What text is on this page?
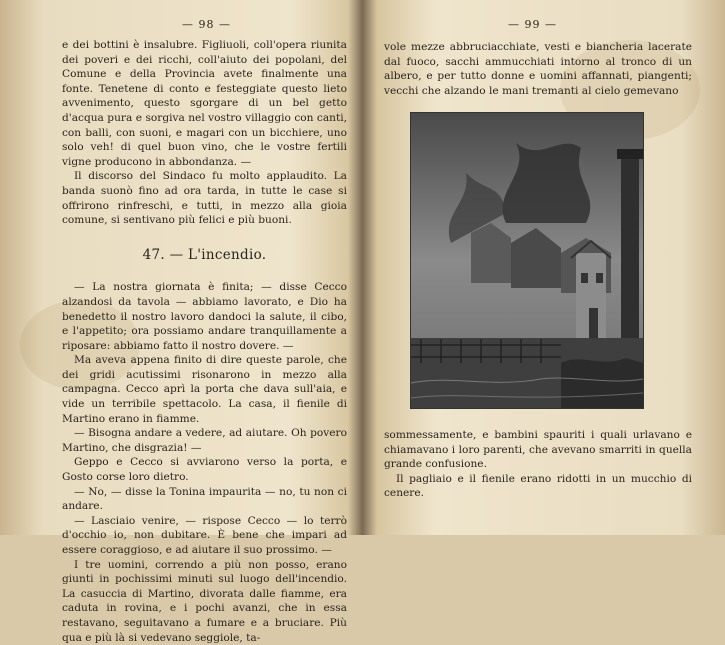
— 98 —

e dei bottini è insalubre. Figliuoli, coll'opera riunita dei poveri e dei ricchi, coll'aiuto dei popolani, del Comune e della Provincia avete finalmente una fonte. Tenetene di conto e festeggiate questo lieto avvenimento, questo sgorgare di un bel getto d'acqua pura e sorgiva nel vostro villaggio con canti, con balli, con suoni, e magari con un bicchiere, uno solo veh! di quel buon vino, che le vostre fertili vigne producono in abbondanza. —

Il discorso del Sindaco fu molto applaudito. La banda suonò fino ad ora tarda, in tutte le case si offrirono rinfreschi, e tutti, in mezzo alla gioia comune, si sentivano più felici e più buoni.

47. — L'incendio.

— La nostra giornata è finita; — disse Cecco alzandosi da tavola — abbiamo lavorato, e Dio ha benedetto il nostro lavoro dandoci la salute, il cibo, e l'appetito; ora possiamo andare tranquillamente a riposare: abbiamo fatto il nostro dovere. —

Ma aveva appena finito di dire queste parole, che dei gridi acutissimi risonarono in mezzo alla campagna. Cecco aprì la porta che dava sull'aia, e vide un terribile spettacolo. La casa, il fienile di Martino erano in fiamme.

— Bisogna andare a vedere, ad aiutare. Oh povero Martino, che disgrazia! —

Geppo e Cecco si avviarono verso la porta, e Gosto corse loro dietro.

— No, — disse la Tonina impaurita — no, tu non ci andare.

— Lasciaio venire, — rispose Cecco — lo terrò d'occhio io, non dubitare. È bene che impari ad essere coraggioso, e ad aiutare il suo prossimo. —

I tre uomini, correndo a più non posso, erano giunti in pochissimi minuti sul luogo dell'incendio. La casuccia di Martino, divorata dalle fiamme, era caduta in rovina, e i pochi avanzi, che in essa restavano, seguitavano a fumare e a bruciare. Più qua e più là si vedevano seggiole, ta-

— 99 —

vole mezze abbruciacchiate, vesti e biancheria lacerate dal fuoco, sacchi ammucchiati intorno al tronco di un albero, e per tutto donne e uomini affannati, piangenti; vecchi che alzando le mani tremanti al cielo gemevano

sommessamente, e bambini spauriti i quali urlavano e chiamavano i loro parenti, che avevano smarriti in quella grande confusione.

Il pagliaio e il fienile erano ridotti in un mucchio di cenere.
